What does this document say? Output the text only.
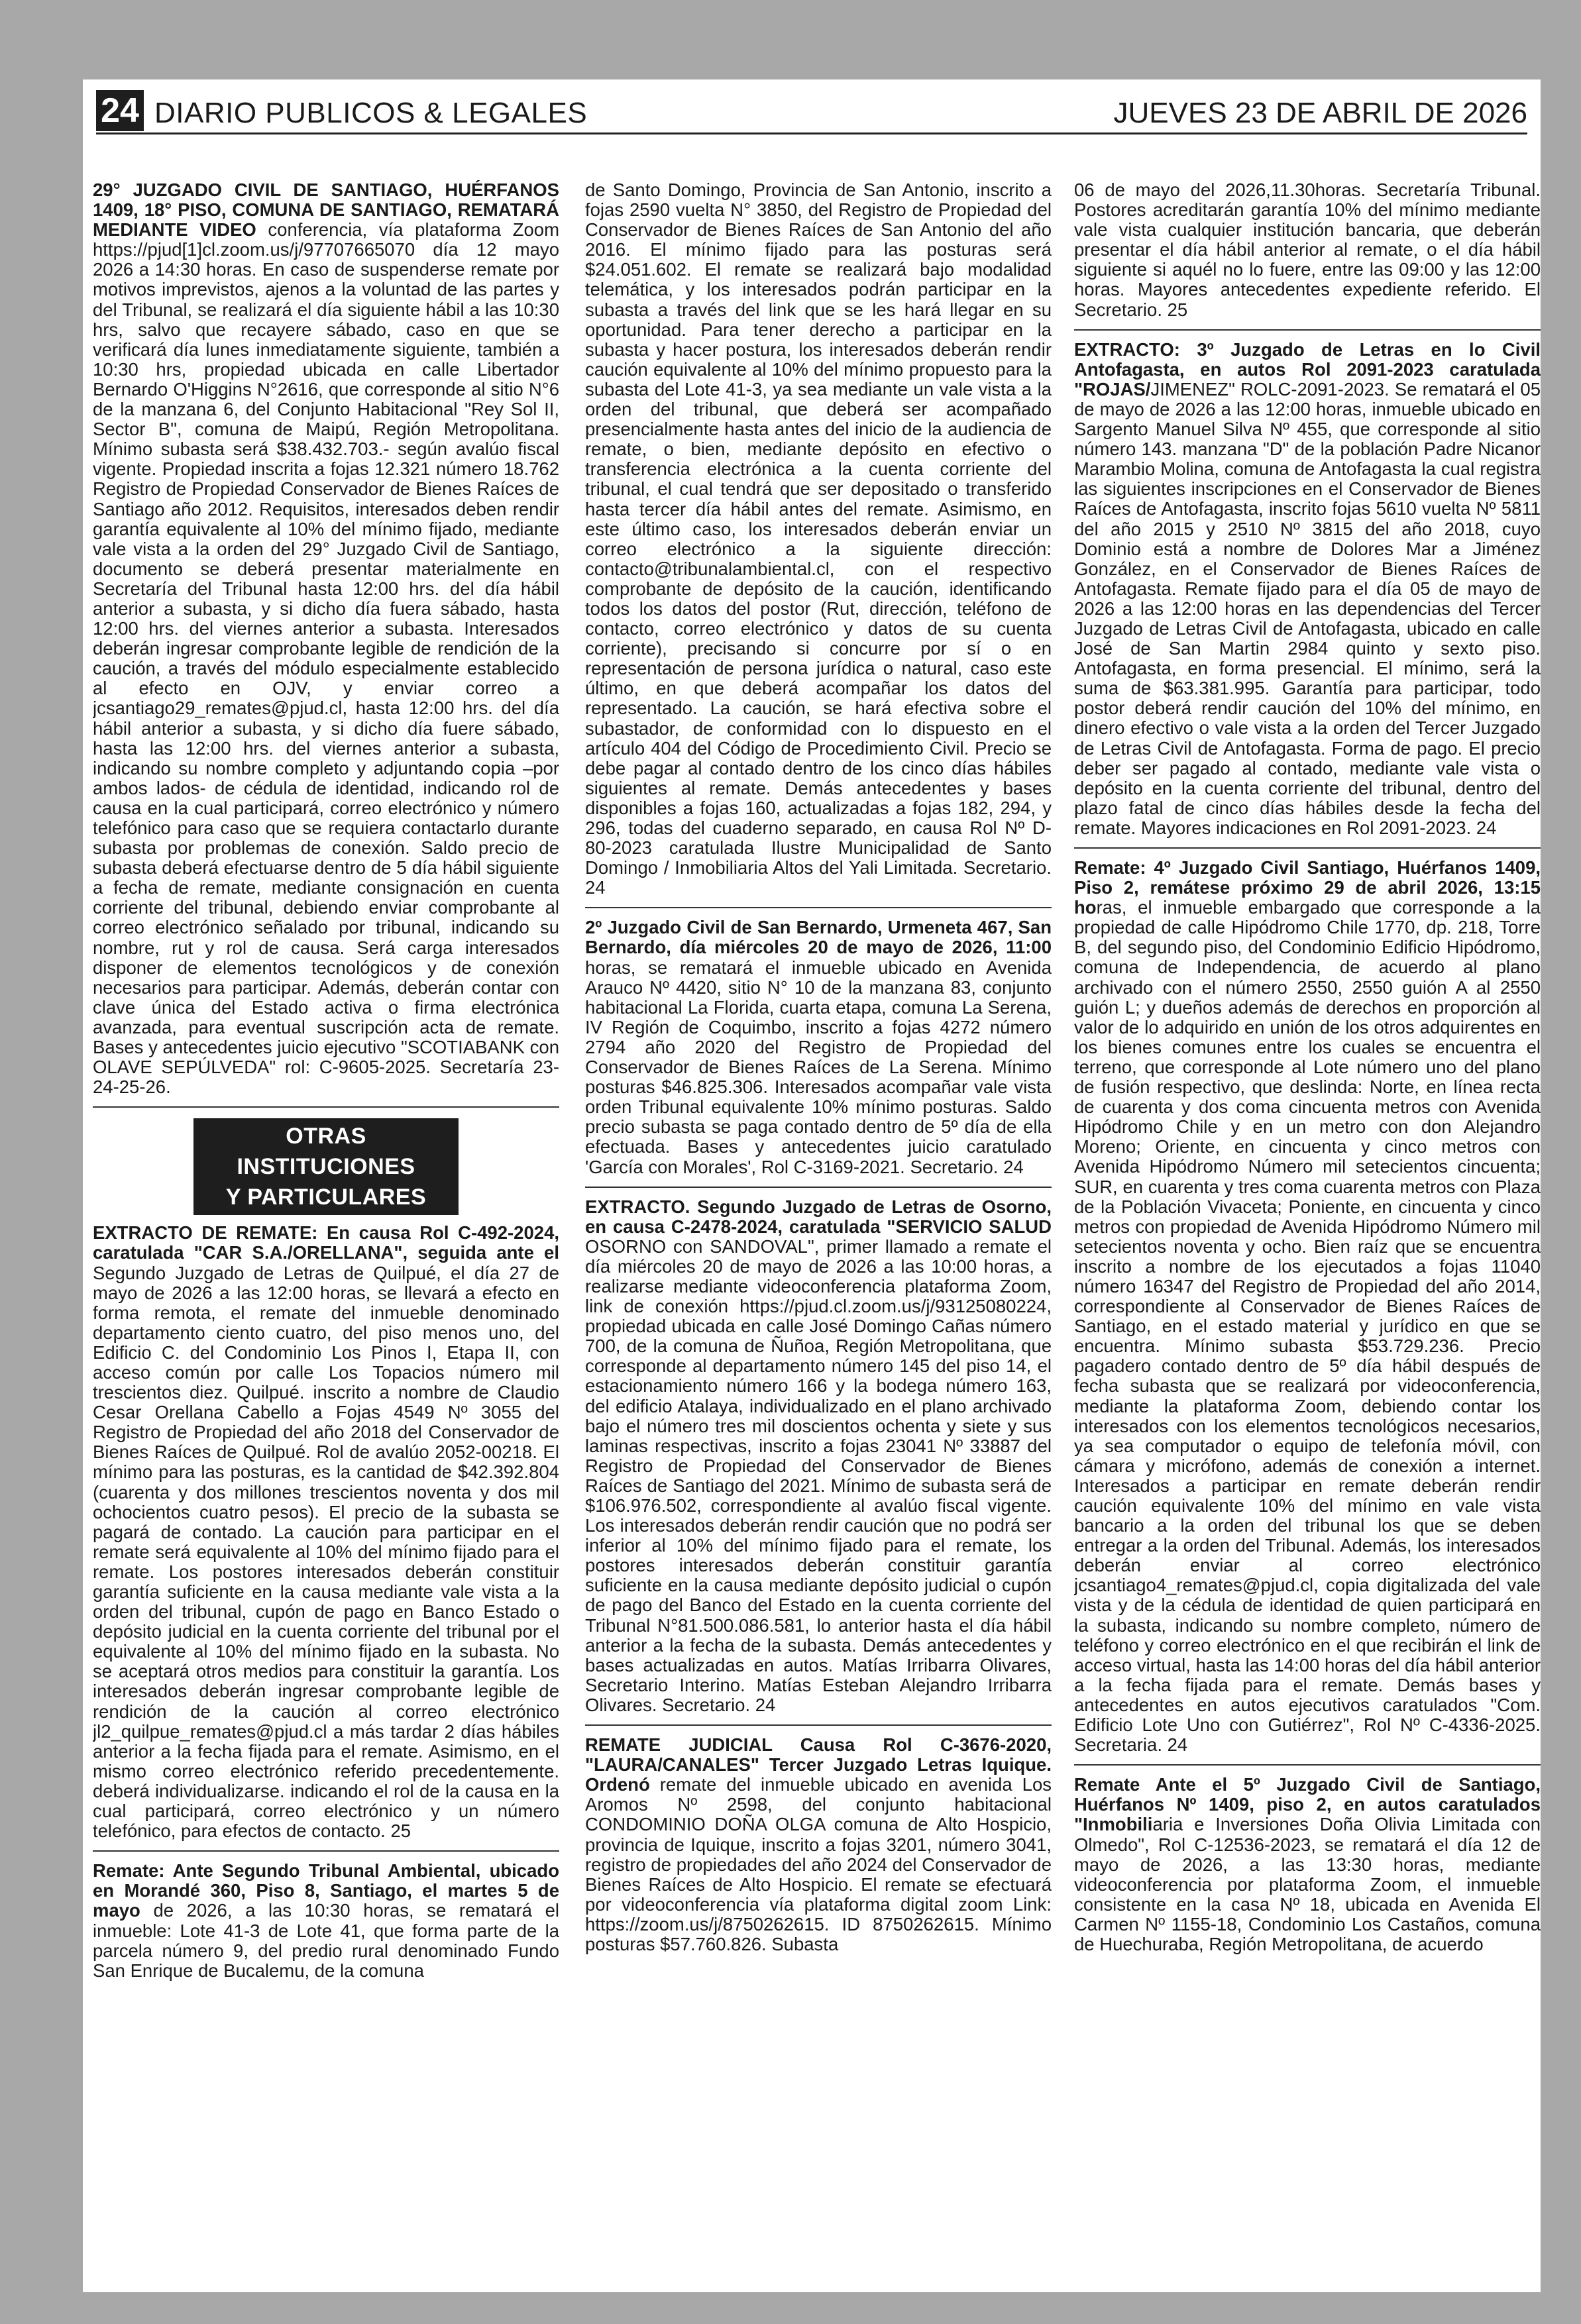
24 DIARIO PUBLICOS & LEGALES	JUEVES 23 DE ABRIL DE 2026

29° JUZGADO CIVIL DE SANTIAGO, HUÉRFANOS 1409, 18° PISO, COMUNA DE SANTIAGO, REMATARÁ MEDIANTE VIDEO conferencia, vía plataforma Zoom https://pjud[1]cl.zoom.us/j/97707665070 día 12 mayo 2026 a 14:30 horas. En caso de suspenderse remate por motivos imprevistos, ajenos a la voluntad de las partes y del Tribunal, se realizará el día siguiente hábil a las 10:30 hrs, salvo que recayere sábado, caso en que se verificará día lunes inmediatamente siguiente, también a 10:30 hrs, propiedad ubicada en calle Libertador Bernardo O'Higgins N°2616, que corresponde al sitio N°6 de la manzana 6, del Conjunto Habitacional "Rey Sol II, Sector B", comuna de Maipú, Región Metropolitana. Mínimo subasta será $38.432.703.- según avalúo fiscal vigente. Propiedad inscrita a fojas 12.321 número 18.762 Registro de Propiedad Conservador de Bienes Raíces de Santiago año 2012. Requisitos, interesados deben rendir garantía equivalente al 10% del mínimo fijado, mediante vale vista a la orden del 29° Juzgado Civil de Santiago, documento se deberá presentar materialmente en Secretaría del Tribunal hasta 12:00 hrs. del día hábil anterior a subasta, y si dicho día fuera sábado, hasta 12:00 hrs. del viernes anterior a subasta. Interesados deberán ingresar comprobante legible de rendición de la caución, a través del módulo especialmente establecido al efecto en OJV, y enviar correo a jcsantiago29_remates@pjud.cl, hasta 12:00 hrs. del día hábil anterior a subasta, y si dicho día fuere sábado, hasta las 12:00 hrs. del viernes anterior a subasta, indicando su nombre completo y adjuntando copia –por ambos lados- de cédula de identidad, indicando rol de causa en la cual participará, correo electrónico y número telefónico para caso que se requiera contactarlo durante subasta por problemas de conexión. Saldo precio de subasta deberá efectuarse dentro de 5 día hábil siguiente a fecha de remate, mediante consignación en cuenta corriente del tribunal, debiendo enviar comprobante al correo electrónico señalado por tribunal, indicando su nombre, rut y rol de causa. Será carga interesados disponer de elementos tecnológicos y de conexión necesarios para participar. Además, deberán contar con clave única del Estado activa o firma electrónica avanzada, para eventual suscripción acta de remate. Bases y antecedentes juicio ejecutivo "SCOTIABANK con OLAVE SEPÚLVEDA" rol: C-9605-2025. Secretaría 23-24-25-26.

OTRAS INSTITUCIONES
Y PARTICULARES

EXTRACTO DE REMATE: En causa Rol C-492-2024, caratulada "CAR S.A./ORELLANA", seguida ante el Segundo Juzgado de Letras de Quilpué, el día 27 de mayo de 2026 a las 12:00 horas, se llevará a efecto en forma remota, el remate del inmueble denominado departamento ciento cuatro, del piso menos uno, del Edificio C. del Condominio Los Pinos I, Etapa II, con acceso común por calle Los Topacios número mil trescientos diez. Quilpué. inscrito a nombre de Claudio Cesar Orellana Cabello a Fojas 4549 Nº 3055 del Registro de Propiedad del año 2018 del Conservador de Bienes Raíces de Quilpué. Rol de avalúo 2052-00218. El mínimo para las posturas, es la cantidad de $42.392.804 (cuarenta y dos millones trescientos noventa y dos mil ochocientos cuatro pesos). El precio de la subasta se pagará de contado. La caución para participar en el remate será equivalente al 10% del mínimo fijado para el remate. Los postores interesados deberán constituir garantía suficiente en la causa mediante vale vista a la orden del tribunal, cupón de pago en Banco Estado o depósito judicial en la cuenta corriente del tribunal por el equivalente al 10% del mínimo fijado en la subasta. No se aceptará otros medios para constituir la garantía. Los interesados deberán ingresar comprobante legible de rendición de la caución al correo electrónico jl2_quilpue_remates@pjud.cl a más tardar 2 días hábiles anterior a la fecha fijada para el remate. Asimismo, en el mismo correo electrónico referido precedentemente. deberá individualizarse. indicando el rol de la causa en la cual participará, correo electrónico y un número telefónico, para efectos de contacto. 25

Remate: Ante Segundo Tribunal Ambiental, ubicado en Morandé 360, Piso 8, Santiago, el martes 5 de mayo de 2026, a las 10:30 horas, se rematará el inmueble: Lote 41-3 de Lote 41, que forma parte de la parcela número 9, del predio rural denominado Fundo San Enrique de Bucalemu, de la comuna

de Santo Domingo, Provincia de San Antonio, inscrito a fojas 2590 vuelta N° 3850, del Registro de Propiedad del Conservador de Bienes Raíces de San Antonio del año 2016. El mínimo fijado para las posturas será $24.051.602. El remate se realizará bajo modalidad telemática, y los interesados podrán participar en la subasta a través del link que se les hará llegar en su oportunidad. Para tener derecho a participar en la subasta y hacer postura, los interesados deberán rendir caución equivalente al 10% del mínimo propuesto para la subasta del Lote 41-3, ya sea mediante un vale vista a la orden del tribunal, que deberá ser acompañado presencialmente hasta antes del inicio de la audiencia de remate, o bien, mediante depósito en efectivo o transferencia electrónica a la cuenta corriente del tribunal, el cual tendrá que ser depositado o transferido hasta tercer día hábil antes del remate. Asimismo, en este último caso, los interesados deberán enviar un correo electrónico a la siguiente dirección: contacto@tribunalambiental.cl, con el respectivo comprobante de depósito de la caución, identificando todos los datos del postor (Rut, dirección, teléfono de contacto, correo electrónico y datos de su cuenta corriente), precisando si concurre por sí o en representación de persona jurídica o natural, caso este último, en que deberá acompañar los datos del representado. La caución, se hará efectiva sobre el subastador, de conformidad con lo dispuesto en el artículo 404 del Código de Procedimiento Civil. Precio se debe pagar al contado dentro de los cinco días hábiles siguientes al remate. Demás antecedentes y bases disponibles a fojas 160, actualizadas a fojas 182, 294, y 296, todas del cuaderno separado, en causa Rol Nº D-80-2023 caratulada Ilustre Municipalidad de Santo Domingo / Inmobiliaria Altos del Yali Limitada. Secretario. 24

2º Juzgado Civil de San Bernardo, Urmeneta 467, San Bernardo, día miércoles 20 de mayo de 2026, 11:00 horas, se rematará el inmueble ubicado en Avenida Arauco Nº 4420, sitio N° 10 de la manzana 83, conjunto habitacional La Florida, cuarta etapa, comuna La Serena, IV Región de Coquimbo, inscrito a fojas 4272 número 2794 año 2020 del Registro de Propiedad del Conservador de Bienes Raíces de La Serena. Mínimo posturas $46.825.306. Interesados acompañar vale vista orden Tribunal equivalente 10% mínimo posturas. Saldo precio subasta se paga contado dentro de 5º día de ella efectuada. Bases y antecedentes juicio caratulado 'García con Morales', Rol C-3169-2021. Secretario. 24

EXTRACTO. Segundo Juzgado de Letras de Osorno, en causa C-2478-2024, caratulada "SERVICIO SALUD OSORNO con SANDOVAL", primer llamado a remate el día miércoles 20 de mayo de 2026 a las 10:00 horas, a realizarse mediante videoconferencia plataforma Zoom, link de conexión https://pjud.cl.zoom.us/j/93125080224, propiedad ubicada en calle José Domingo Cañas número 700, de la comuna de Ñuñoa, Región Metropolitana, que corresponde al departamento número 145 del piso 14, el estacionamiento número 166 y la bodega número 163, del edificio Atalaya, individualizado en el plano archivado bajo el número tres mil doscientos ochenta y siete y sus laminas respectivas, inscrito a fojas 23041 Nº 33887 del Registro de Propiedad del Conservador de Bienes Raíces de Santiago del 2021. Mínimo de subasta será de $106.976.502, correspondiente al avalúo fiscal vigente. Los interesados deberán rendir caución que no podrá ser inferior al 10% del mínimo fijado para el remate, los postores interesados deberán constituir garantía suficiente en la causa mediante depósito judicial o cupón de pago del Banco del Estado en la cuenta corriente del Tribunal N°81.500.086.581, lo anterior hasta el día hábil anterior a la fecha de la subasta. Demás antecedentes y bases actualizadas en autos. Matías Irribarra Olivares, Secretario Interino. Matías Esteban Alejandro Irribarra Olivares. Secretario. 24

REMATE JUDICIAL Causa Rol C-3676-2020, "LAURA/CANALES" Tercer Juzgado Letras Iquique. Ordenó remate del inmueble ubicado en avenida Los Aromos Nº 2598, del conjunto habitacional CONDOMINIO DOÑA OLGA comuna de Alto Hospicio, provincia de Iquique, inscrito a fojas 3201, número 3041, registro de propiedades del año 2024 del Conservador de Bienes Raíces de Alto Hospicio. El remate se efectuará por videoconferencia vía plataforma digital zoom Link: https://zoom.us/j/8750262615. ID 8750262615. Mínimo posturas $57.760.826. Subasta

06 de mayo del 2026,11.30horas. Secretaría Tribunal. Postores acreditarán garantía 10% del mínimo mediante vale vista cualquier institución bancaria, que deberán presentar el día hábil anterior al remate, o el día hábil siguiente si aquél no lo fuere, entre las 09:00 y las 12:00 horas. Mayores antecedentes expediente referido. El Secretario. 25

EXTRACTO: 3º Juzgado de Letras en lo Civil Antofagasta, en autos Rol 2091-2023 caratulada "ROJAS/JIMENEZ" ROLC-2091-2023. Se rematará el 05 de mayo de 2026 a las 12:00 horas, inmueble ubicado en Sargento Manuel Silva Nº 455, que corresponde al sitio número 143. manzana "D" de la población Padre Nicanor Marambio Molina, comuna de Antofagasta la cual registra las siguientes inscripciones en el Conservador de Bienes Raíces de Antofagasta, inscrito fojas 5610 vuelta Nº 5811 del año 2015 y 2510 Nº 3815 del año 2018, cuyo Dominio está a nombre de Dolores Mar a Jiménez González, en el Conservador de Bienes Raíces de Antofagasta. Remate fijado para el día 05 de mayo de 2026 a las 12:00 horas en las dependencias del Tercer Juzgado de Letras Civil de Antofagasta, ubicado en calle José de San Martin 2984 quinto y sexto piso. Antofagasta, en forma presencial. El mínimo, será la suma de $63.381.995. Garantía para participar, todo postor deberá rendir caución del 10% del mínimo, en dinero efectivo o vale vista a la orden del Tercer Juzgado de Letras Civil de Antofagasta. Forma de pago. El precio deber ser pagado al contado, mediante vale vista o depósito en la cuenta corriente del tribunal, dentro del plazo fatal de cinco días hábiles desde la fecha del remate. Mayores indicaciones en Rol 2091-2023. 24

Remate: 4º Juzgado Civil Santiago, Huérfanos 1409, Piso 2, remátese próximo 29 de abril 2026, 13:15 horas, el inmueble embargado que corresponde a la propiedad de calle Hipódromo Chile 1770, dp. 218, Torre B, del segundo piso, del Condominio Edificio Hipódromo, comuna de Independencia, de acuerdo al plano archivado con el número 2550, 2550 guión A al 2550 guión L; y dueños además de derechos en proporción al valor de lo adquirido en unión de los otros adquirentes en los bienes comunes entre los cuales se encuentra el terreno, que corresponde al Lote número uno del plano de fusión respectivo, que deslinda: Norte, en línea recta de cuarenta y dos coma cincuenta metros con Avenida Hipódromo Chile y en un metro con don Alejandro Moreno; Oriente, en cincuenta y cinco metros con Avenida Hipódromo Número mil setecientos cincuenta; SUR, en cuarenta y tres coma cuarenta metros con Plaza de la Población Vivaceta; Poniente, en cincuenta y cinco metros con propiedad de Avenida Hipódromo Número mil setecientos noventa y ocho. Bien raíz que se encuentra inscrito a nombre de los ejecutados a fojas 11040 número 16347 del Registro de Propiedad del año 2014, correspondiente al Conservador de Bienes Raíces de Santiago, en el estado material y jurídico en que se encuentra. Mínimo subasta $53.729.236. Precio pagadero contado dentro de 5º día hábil después de fecha subasta que se realizará por videoconferencia, mediante la plataforma Zoom, debiendo contar los interesados con los elementos tecnológicos necesarios, ya sea computador o equipo de telefonía móvil, con cámara y micrófono, además de conexión a internet. Interesados a participar en remate deberán rendir caución equivalente 10% del mínimo en vale vista bancario a la orden del tribunal los que se deben entregar a la orden del Tribunal. Además, los interesados deberán enviar al correo electrónico jcsantiago4_remates@pjud.cl, copia digitalizada del vale vista y de la cédula de identidad de quien participará en la subasta, indicando su nombre completo, número de teléfono y correo electrónico en el que recibirán el link de acceso virtual, hasta las 14:00 horas del día hábil anterior a la fecha fijada para el remate. Demás bases y antecedentes en autos ejecutivos caratulados "Com. Edificio Lote Uno con Gutiérrez", Rol Nº C-4336-2025. Secretaria. 24

Remate Ante el 5º Juzgado Civil de Santiago, Huérfanos Nº 1409, piso 2, en autos caratulados "Inmobiliaria e Inversiones Doña Olivia Limitada con Olmedo", Rol C-12536-2023, se rematará el día 12 de mayo de 2026, a las 13:30 horas, mediante videoconferencia por plataforma Zoom, el inmueble consistente en la casa Nº 18, ubicada en Avenida El Carmen Nº 1155-18, Condominio Los Castaños, comuna de Huechuraba, Región Metropolitana, de acuerdo
